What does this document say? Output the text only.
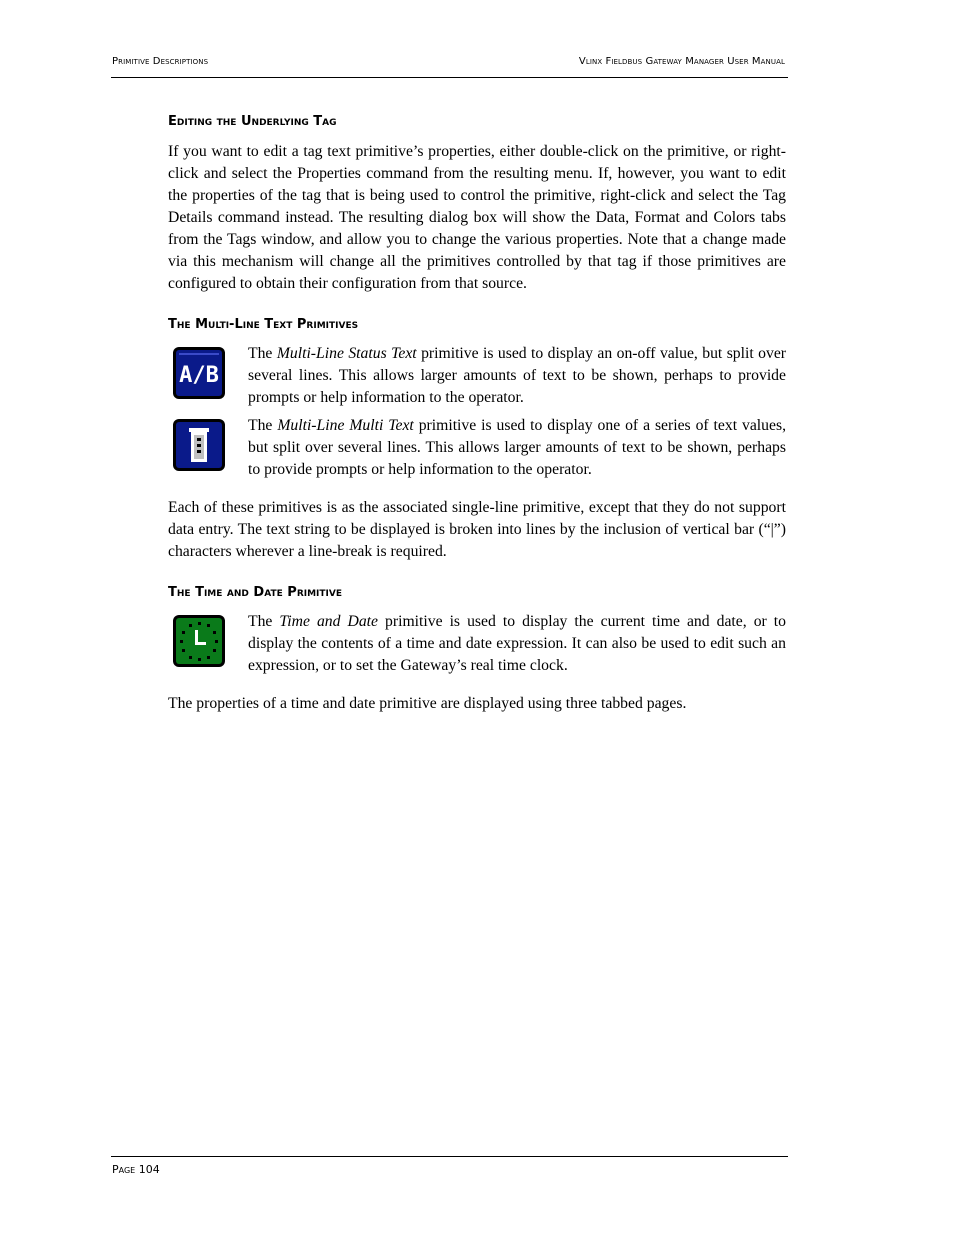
Primitive Descriptions	Vlinx Fieldbus Gateway Manager User Manual
Editing the Underlying Tag

If you want to edit a tag text primitive’s properties, either double-click on the primitive, or right-click and select the Properties command from the resulting menu. If, however, you want to edit the properties of the tag that is being used to control the primitive, right-click and select the Tag Details command instead. The resulting dialog box will show the Data, Format and Colors tabs from the Tags window, and allow you to change the various properties. Note that a change made via this mechanism will change all the primitives controlled by that tag if those primitives are configured to obtain their configuration from that source.

The Multi-Line Text Primitives
A/B

The Multi-Line Status Text primitive is used to display an on-off value, but split over several lines. This allows larger amounts of text to be shown, perhaps to provide prompts or help information to the operator.

The Multi-Line Multi Text primitive is used to display one of a series of text values, but split over several lines. This allows larger amounts of text to be shown, perhaps to provide prompts or help information to the operator.

Each of these primitives is as the associated single-line primitive, except that they do not support data entry. The text string to be displayed is broken into lines by the inclusion of vertical bar (“|”) characters wherever a line-break is required.

The Time and Date Primitive

The Time and Date primitive is used to display the current time and date, or to display the contents of a time and date expression. It can also be used to edit such an expression, or to set the Gateway’s real time clock.

The properties of a time and date primitive are displayed using three tabbed pages.

Page 104
